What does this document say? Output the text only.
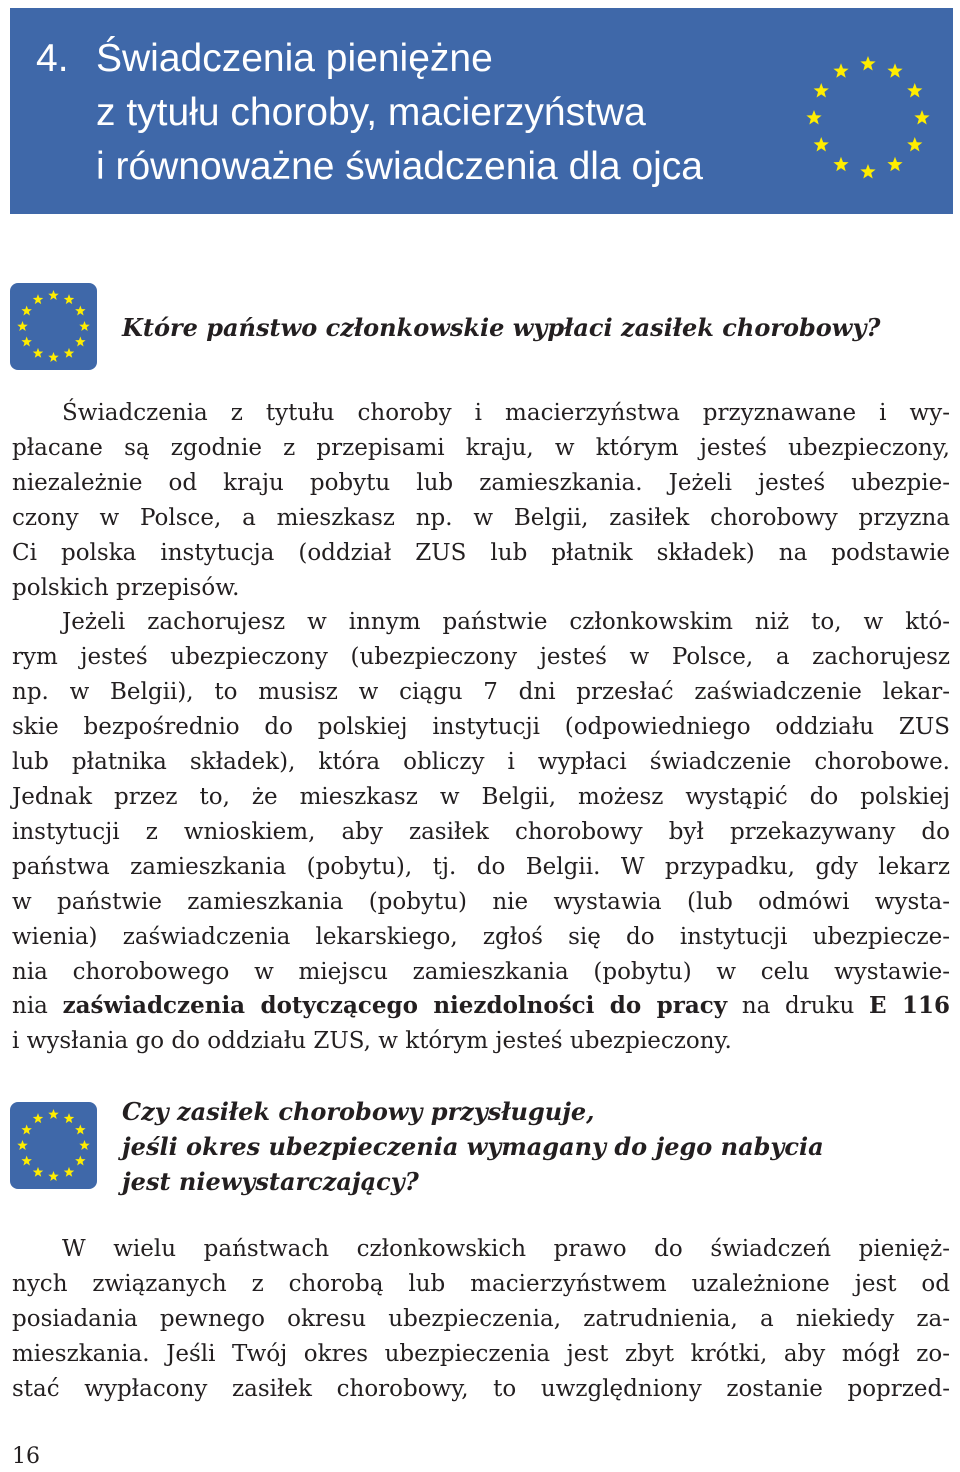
4. Świadczenia pieniężne
z tytułu choroby, macierzyństwa
i równoważne świadczenia dla ojca
Które państwo członkowskie wypłaci zasiłek chorobowy?
Świadczenia z tytułu choroby i macierzyństwa przyznawane i wy-
płacane są zgodnie z przepisami kraju, w którym jesteś ubezpieczony,
niezależnie od kraju pobytu lub zamieszkania. Jeżeli jesteś ubezpie-
czony w Polsce, a mieszkasz np. w Belgii, zasiłek chorobowy przyzna
Ci polska instytucja (oddział ZUS lub płatnik składek) na podstawie
polskich przepisów.
Jeżeli zachorujesz w innym państwie członkowskim niż to, w któ-
rym jesteś ubezpieczony (ubezpieczony jesteś w Polsce, a zachorujesz
np. w Belgii), to musisz w ciągu 7 dni przesłać zaświadczenie lekar-
skie bezpośrednio do polskiej instytucji (odpowiedniego oddziału ZUS
lub płatnika składek), która obliczy i wypłaci świadczenie chorobowe.
Jednak przez to, że mieszkasz w Belgii, możesz wystąpić do polskiej
instytucji z wnioskiem, aby zasiłek chorobowy był przekazywany do
państwa zamieszkania (pobytu), tj. do Belgii. W przypadku, gdy lekarz
w państwie zamieszkania (pobytu) nie wystawia (lub odmówi wysta-
wienia) zaświadczenia lekarskiego, zgłoś się do instytucji ubezpiecze-
nia chorobowego w miejscu zamieszkania (pobytu) w celu wystawie-
nia zaświadczenia dotyczącego niezdolności do pracy na druku E 116
i wysłania go do oddziału ZUS, w którym jesteś ubezpieczony.
Czy zasiłek chorobowy przysługuje,
jeśli okres ubezpieczenia wymagany do jego nabycia
jest niewystarczający?
W wielu państwach członkowskich prawo do świadczeń pienięż-
nych związanych z chorobą lub macierzyństwem uzależnione jest od
posiadania pewnego okresu ubezpieczenia, zatrudnienia, a niekiedy za-
mieszkania. Jeśli Twój okres ubezpieczenia jest zbyt krótki, aby mógł zo-
stać wypłacony zasiłek chorobowy, to uwzględniony zostanie poprzed-
16
